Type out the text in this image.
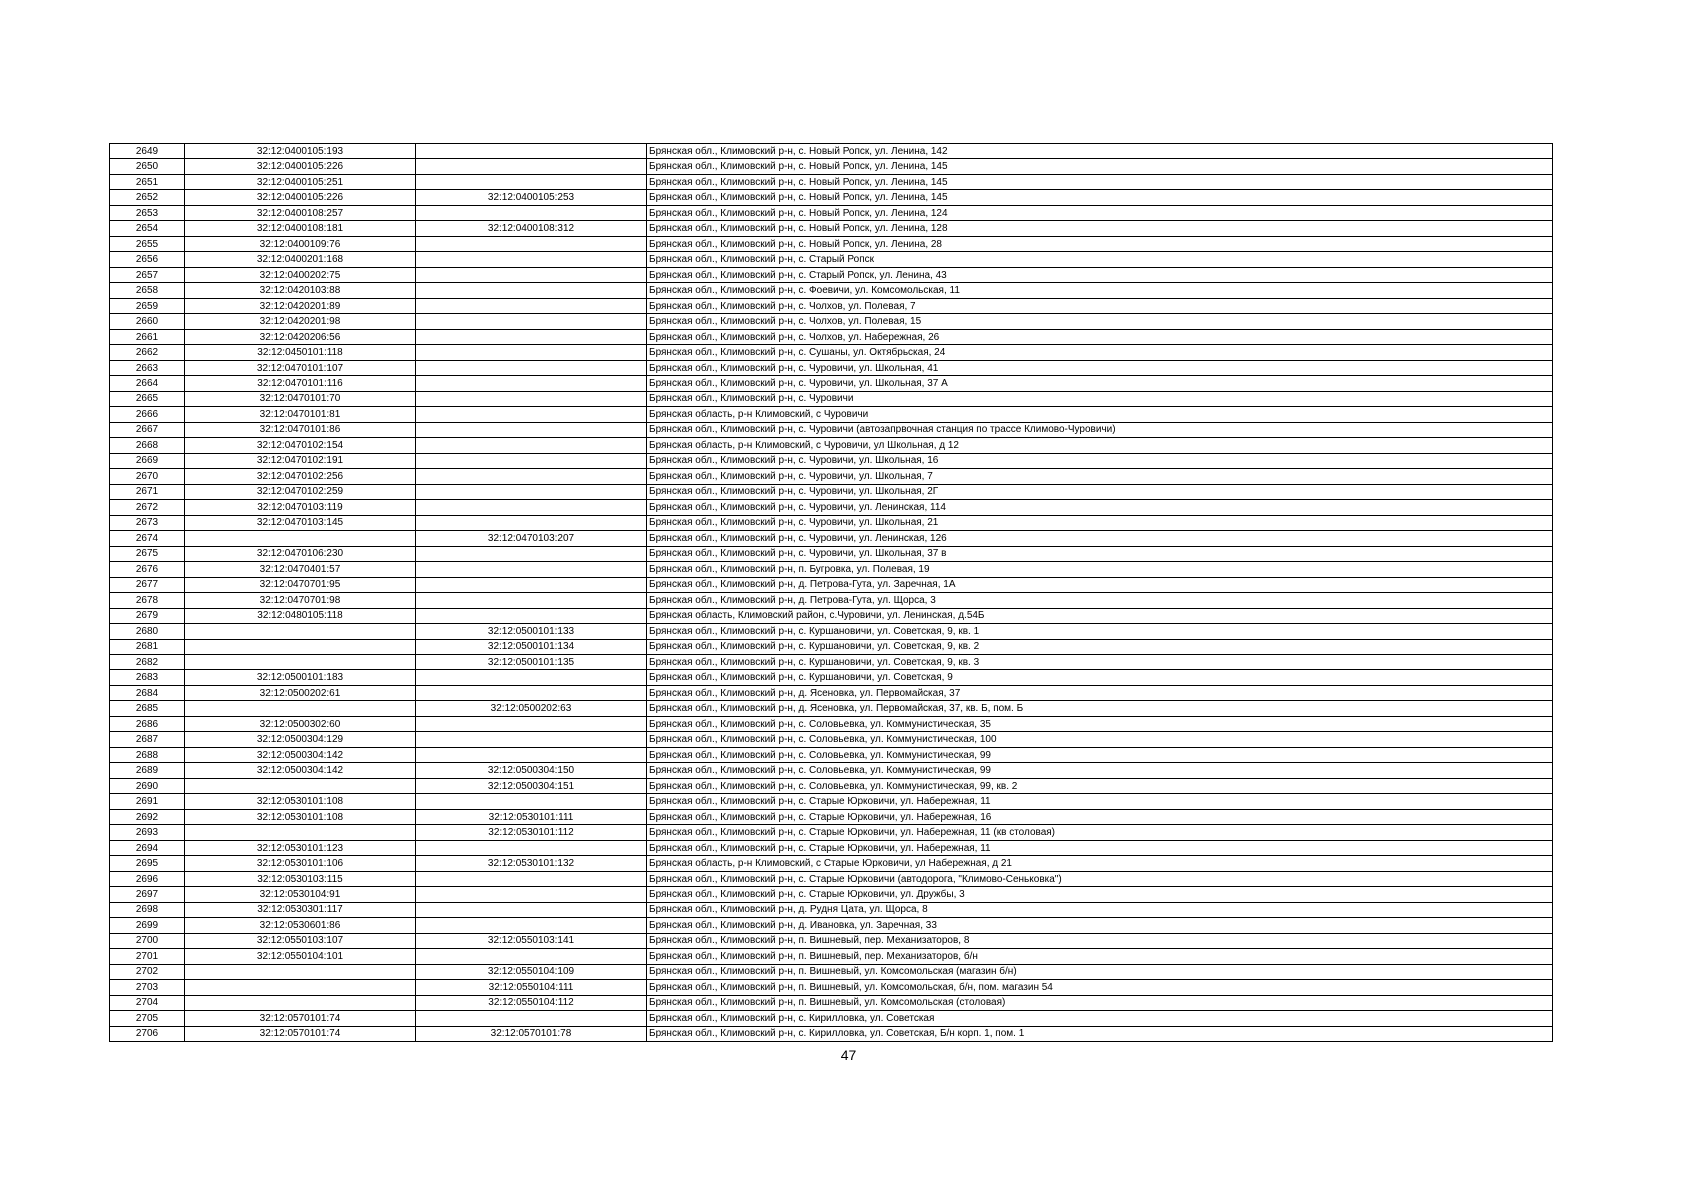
2649	32:12:0400105:193		Брянская обл., Климовский р-н, с. Новый Ропск, ул. Ленина, 142
2650	32:12:0400105:226		Брянская обл., Климовский р-н, с. Новый Ропск, ул. Ленина, 145
2651	32:12:0400105:251		Брянская обл., Климовский р-н, с. Новый Ропск, ул. Ленина, 145
2652	32:12:0400105:226	32:12:0400105:253	Брянская обл., Климовский р-н, с. Новый Ропск, ул. Ленина, 145
2653	32:12:0400108:257		Брянская обл., Климовский р-н, с. Новый Ропск, ул. Ленина, 124
2654	32:12:0400108:181	32:12:0400108:312	Брянская обл., Климовский р-н, с. Новый Ропск, ул. Ленина, 128
2655	32:12:0400109:76		Брянская обл., Климовский р-н, с. Новый Ропск, ул. Ленина, 28
2656	32:12:0400201:168		Брянская обл., Климовский р-н, с. Старый Ропск
2657	32:12:0400202:75		Брянская обл., Климовский р-н, с. Старый Ропск, ул. Ленина, 43
2658	32:12:0420103:88		Брянская обл., Климовский р-н, с. Фоевичи, ул. Комсомольская, 11
2659	32:12:0420201:89		Брянская обл., Климовский р-н, с. Чолхов, ул. Полевая, 7
2660	32:12:0420201:98		Брянская обл., Климовский р-н, с. Чолхов, ул. Полевая, 15
2661	32:12:0420206:56		Брянская обл., Климовский р-н, с. Чолхов, ул. Набережная, 26
2662	32:12:0450101:118		Брянская обл., Климовский р-н, с. Сушаны, ул. Октябрьская, 24
2663	32:12:0470101:107		Брянская обл., Климовский р-н, с. Чуровичи, ул. Школьная, 41
2664	32:12:0470101:116		Брянская обл., Климовский р-н, с. Чуровичи, ул. Школьная, 37 А
2665	32:12:0470101:70		Брянская обл., Климовский р-н, с. Чуровичи
2666	32:12:0470101:81		Брянская область, р-н Климовский, с Чуровичи
2667	32:12:0470101:86		Брянская обл., Климовский р-н, с. Чуровичи (автозапрвочная станция по трассе Климово-Чуровичи)
2668	32:12:0470102:154		Брянская область, р-н Климовский, с Чуровичи, ул Школьная, д 12
2669	32:12:0470102:191		Брянская обл., Климовский р-н, с. Чуровичи, ул. Школьная, 16
2670	32:12:0470102:256		Брянская обл., Климовский р-н, с. Чуровичи, ул. Школьная, 7
2671	32:12:0470102:259		Брянская обл., Климовский р-н, с. Чуровичи, ул. Школьная, 2Г
2672	32:12:0470103:119		Брянская обл., Климовский р-н, с. Чуровичи, ул. Ленинская, 114
2673	32:12:0470103:145		Брянская обл., Климовский р-н, с. Чуровичи, ул. Школьная, 21
2674		32:12:0470103:207	Брянская обл., Климовский р-н, с. Чуровичи, ул. Ленинская, 126
2675	32:12:0470106:230		Брянская обл., Климовский р-н, с. Чуровичи, ул. Школьная, 37 в
2676	32:12:0470401:57		Брянская обл., Климовский р-н, п. Бугровка, ул. Полевая, 19
2677	32:12:0470701:95		Брянская обл., Климовский р-н, д. Петрова-Гута, ул. Заречная, 1А
2678	32:12:0470701:98		Брянская обл., Климовский р-н, д. Петрова-Гута, ул. Щорса, 3
2679	32:12:0480105:118		Брянская область, Климовский район, с.Чуровичи, ул. Ленинская, д.54Б
2680		32:12:0500101:133	Брянская обл., Климовский р-н, с. Куршановичи, ул. Советская, 9, кв. 1
2681		32:12:0500101:134	Брянская обл., Климовский р-н, с. Куршановичи, ул. Советская, 9, кв. 2
2682		32:12:0500101:135	Брянская обл., Климовский р-н, с. Куршановичи, ул. Советская, 9, кв. 3
2683	32:12:0500101:183		Брянская обл., Климовский р-н, с. Куршановичи, ул. Советская, 9
2684	32:12:0500202:61		Брянская обл., Климовский р-н, д. Ясеновка, ул. Первомайская, 37
2685		32:12:0500202:63	Брянская обл., Климовский р-н, д. Ясеновка, ул. Первомайская, 37, кв. Б, пом. Б
2686	32:12:0500302:60		Брянская обл., Климовский р-н, с. Соловьевка, ул. Коммунистическая, 35
2687	32:12:0500304:129		Брянская обл., Климовский р-н, с. Соловьевка, ул. Коммунистическая, 100
2688	32:12:0500304:142		Брянская обл., Климовский р-н, с. Соловьевка, ул. Коммунистическая, 99
2689	32:12:0500304:142	32:12:0500304:150	Брянская обл., Климовский р-н, с. Соловьевка, ул. Коммунистическая, 99
2690		32:12:0500304:151	Брянская обл., Климовский р-н, с. Соловьевка, ул. Коммунистическая, 99, кв. 2
2691	32:12:0530101:108		Брянская обл., Климовский р-н, с. Старые Юрковичи, ул. Набережная, 11
2692	32:12:0530101:108	32:12:0530101:111	Брянская обл., Климовский р-н, с. Старые Юрковичи, ул. Набережная, 16
2693		32:12:0530101:112	Брянская обл., Климовский р-н, с. Старые Юрковичи, ул. Набережная, 11 (кв столовая)
2694	32:12:0530101:123		Брянская обл., Климовский р-н, с. Старые Юрковичи, ул. Набережная, 11
2695	32:12:0530101:106	32:12:0530101:132	Брянская область, р-н Климовский, с Старые Юрковичи, ул Набережная, д 21
2696	32:12:0530103:115		Брянская обл., Климовский р-н, с. Старые Юрковичи (автодорога, "Климово-Сеньковка")
2697	32:12:0530104:91		Брянская обл., Климовский р-н, с. Старые Юрковичи, ул. Дружбы, 3
2698	32:12:0530301:117		Брянская обл., Климовский р-н, д. Рудня Цата, ул. Щорса, 8
2699	32:12:0530601:86		Брянская обл., Климовский р-н, д. Ивановка, ул. Заречная, 33
2700	32:12:0550103:107	32:12:0550103:141	Брянская обл., Климовский р-н, п. Вишневый, пер. Механизаторов, 8
2701	32:12:0550104:101		Брянская обл., Климовский р-н, п. Вишневый, пер. Механизаторов, б/н
2702		32:12:0550104:109	Брянская обл., Климовский р-н, п. Вишневый, ул. Комсомольская (магазин б/н)
2703		32:12:0550104:111	Брянская обл., Климовский р-н, п. Вишневый, ул. Комсомольская, б/н, пом. магазин 54
2704		32:12:0550104:112	Брянская обл., Климовский р-н, п. Вишневый, ул. Комсомольская (столовая)
2705	32:12:0570101:74		Брянская обл., Климовский р-н, с. Кирилловка, ул. Советская
2706	32:12:0570101:74	32:12:0570101:78	Брянская обл., Климовский р-н, с. Кирилловка, ул. Советская, Б/н корп. 1, пом. 1
47
